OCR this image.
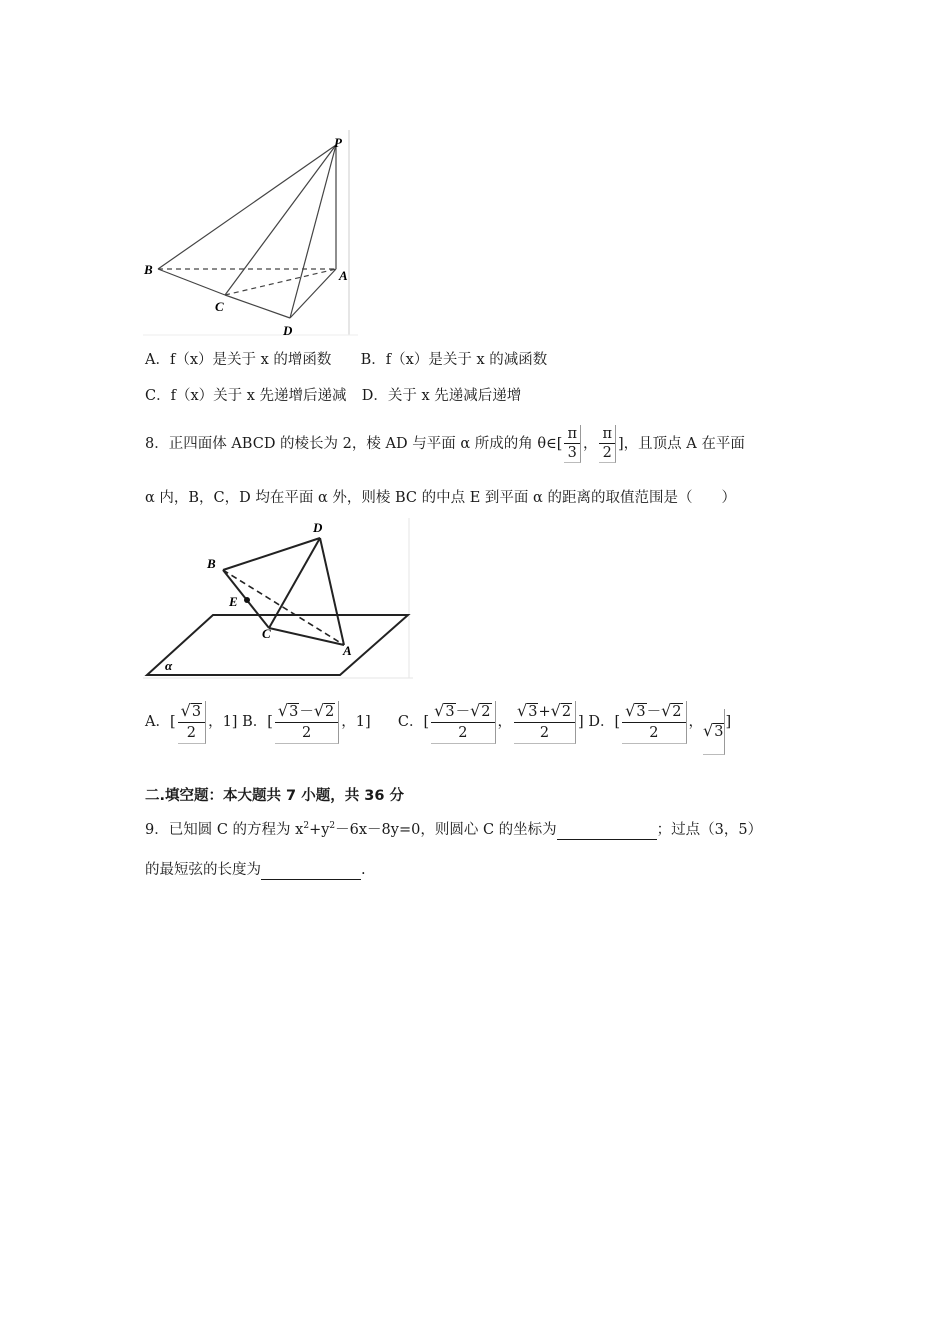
P
A
B
C
D
A．f（x）是关于 x 的增函数 B．f（x）是关于 x 的减函数
C．f（x）关于 x 先递增后递减 D．关于 x 先递减后递增
8．正四面体 ABCD 的棱长为 2，棱 AD 与平面 α 所成的角 θ∈[ $\frac{\pi}{3}$ ， $\frac{\pi}{2}$ ]，且顶点 A 在平面
α 内，B，C，D 均在平面 α 外，则棱 BC 的中点 E 到平面 α 的距离的取值范围是（　　）
D
B
E
C
A
α
A．[ $\frac{√3}{2}$ ，1] B．[ $\frac{√3-√2}{2}$ ，1] C．[ $\frac{√3-√2}{2}$ ， $\frac{√3+√2}{2}$ ] D．[ $\frac{√3-√2}{2}$ ，√3]
二.填空题：本大题共 7 小题，共 36 分
9．已知圆 C 的方程为 $x^2+y^2-6x-8y=0$，则圆心 C 的坐标为	；过点（3，5）
的最短弦的长度为	.
